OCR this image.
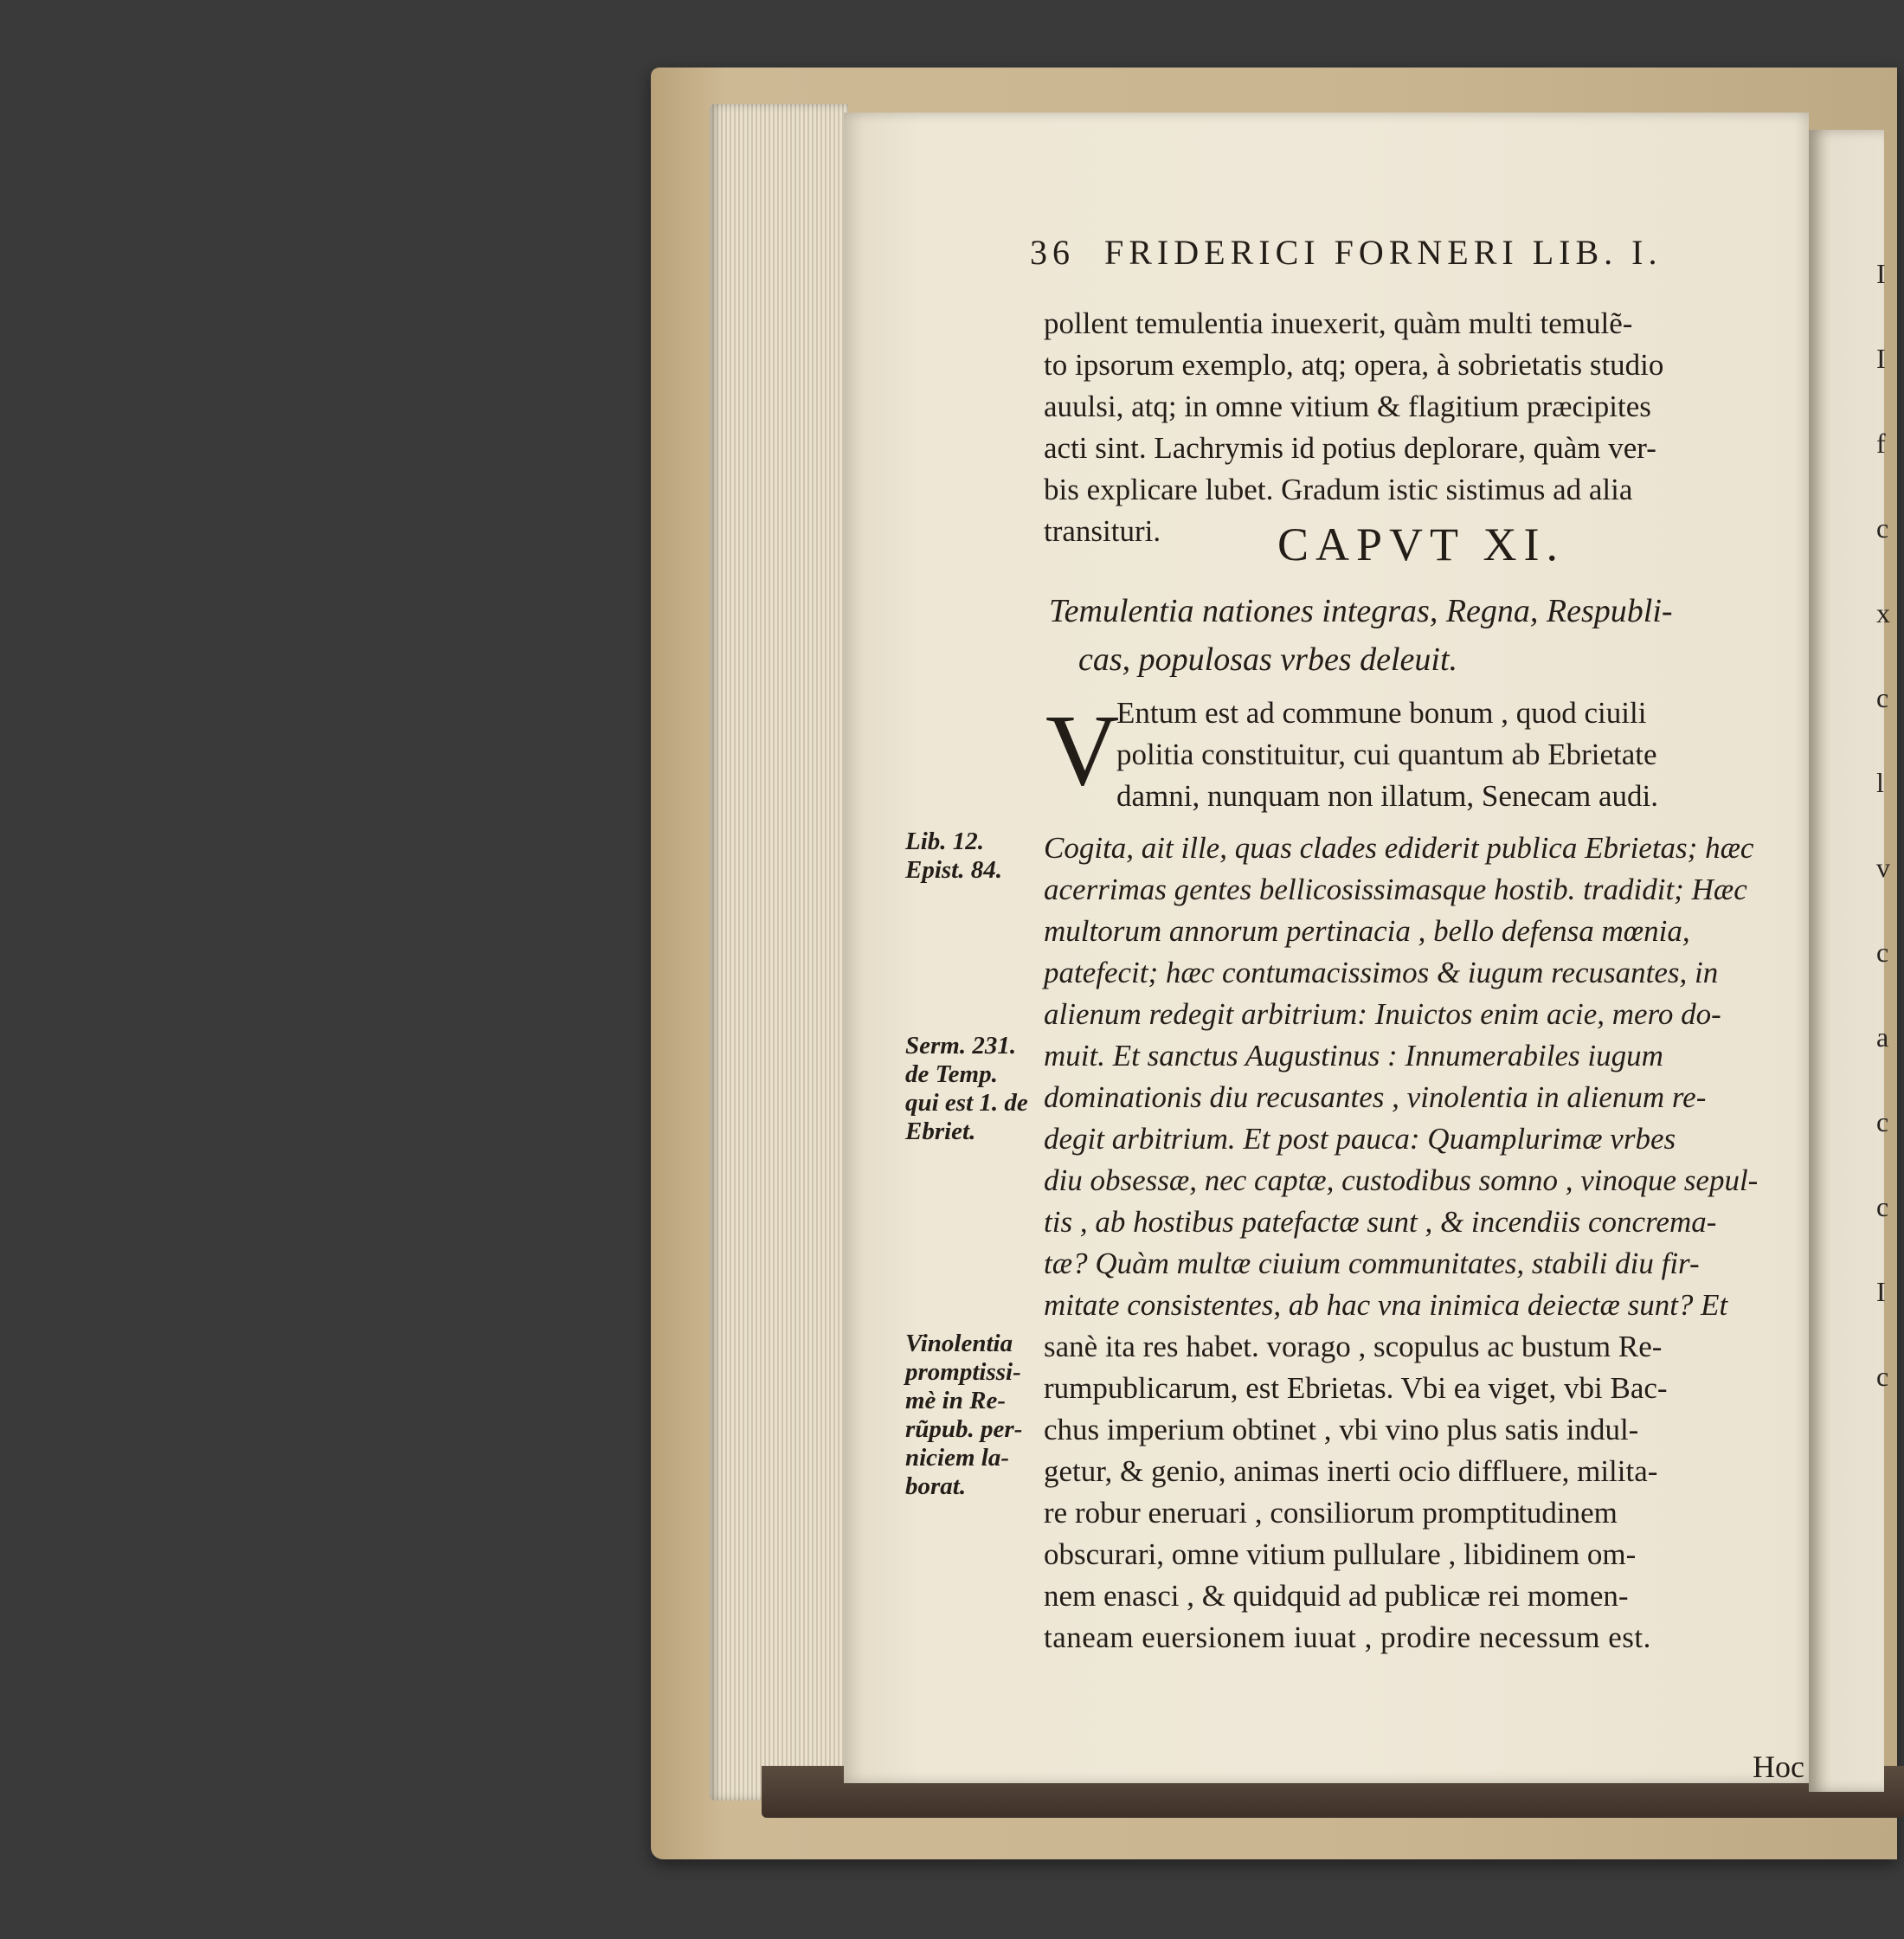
I
I
f
c
x
c
l
v
c
a
c
c
I
c
36 FRIDERICI FORNERI LIB. I.
pollent temulentia inuexerit, quàm multi temulẽ-
to ipsorum exemplo, atq; opera, à sobrietatis studio
auulsi, atq; in omne vitium & flagitium præcipites
acti sint. Lachrymis id potius deplorare, quàm ver-
bis explicare lubet. Gradum istic sistimus ad alia
transituri. CAPVT XI.
Temulentia nationes integras, Regna, Respubli-
cas, populosas vrbes deleuit.
V
Entum est ad commune bonum , quod ciuili
politia constituitur, cui quantum ab Ebrietate
damni, nunquam non illatum, Senecam audi.
Cogita, ait ille, quas clades ediderit publica Ebrietas; hæc
acerrimas gentes bellicosissimasque hostib. tradidit; Hæc
multorum annorum pertinacia , bello defensa mœnia,
patefecit; hæc contumacissimos & iugum recusantes, in
alienum redegit arbitrium: Inuictos enim acie, mero do-
muit. Et sanctus Augustinus : Innumerabiles iugum
dominationis diu recusantes , vinolentia in alienum re-
degit arbitrium. Et post pauca: Quamplurimæ vrbes
diu obsessæ, nec captæ, custodibus somno , vinoque sepul-
tis , ab hostibus patefactæ sunt , & incendiis concrema-
tæ? Quàm multæ ciuium communitates, stabili diu fir-
mitate consistentes, ab hac vna inimica deiectæ sunt? Et
sanè ita res habet. vorago , scopulus ac bustum Re-
rumpublicarum, est Ebrietas. Vbi ea viget, vbi Bac-
chus imperium obtinet , vbi vino plus satis indul-
getur, & genio, animas inerti ocio diffluere, milita-
re robur eneruari , consiliorum promptitudinem
obscurari, omne vitium pullulare , libidinem om-
nem enasci , & quidquid ad publicæ rei momen-
taneam euersionem iuuat , prodire necessum est.
Lib. 12.
Epist. 84.
Serm. 231.
de Temp.
qui est 1. de
Ebriet.
Vinolentia
promptissi-
mè in Re-
rũpub. per-
niciem la-
borat.
Hoc
